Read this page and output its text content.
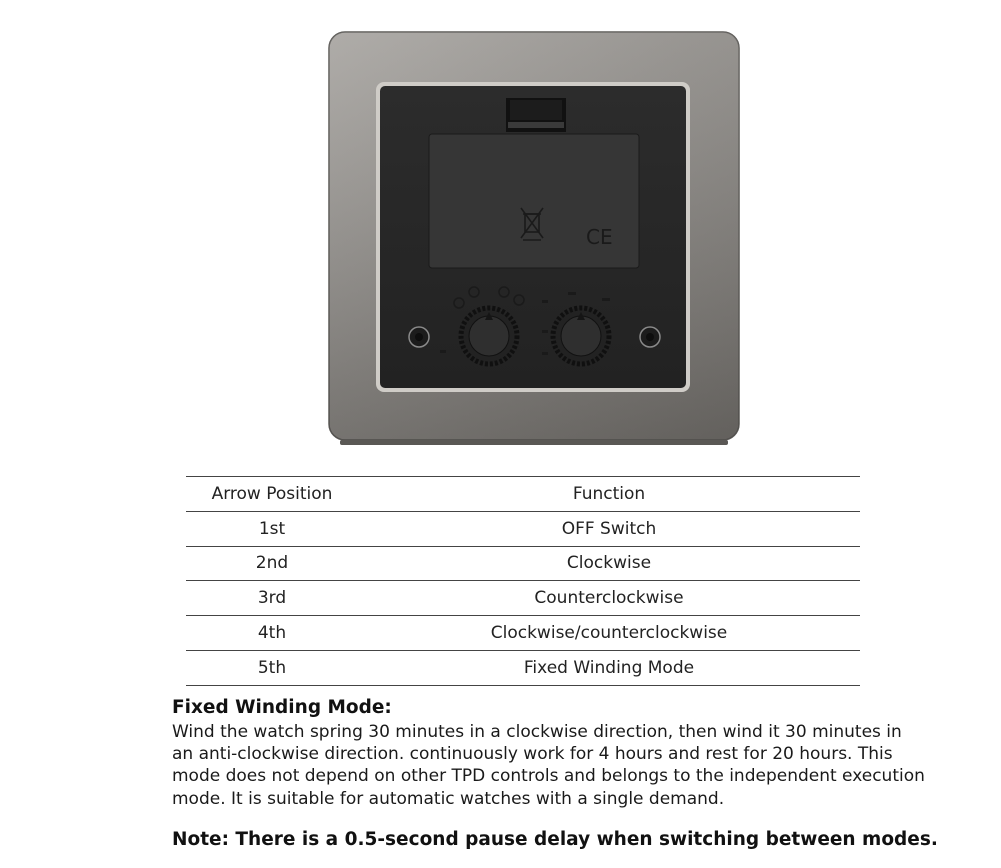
CE
Arrow Position	Function
1st	OFF Switch
2nd	Clockwise
3rd	Counterclockwise
4th	Clockwise/counterclockwise
5th	Fixed Winding Mode
Fixed Winding Mode:

Wind the watch spring 30 minutes in a clockwise direction, then wind it 30 minutes in
an anti-clockwise direction. continuously work for 4 hours and rest for 20 hours. This
mode does not depend on other TPD controls and belongs to the independent execution
mode. It is suitable for automatic watches with a single demand.

Note: There is a 0.5-second pause delay when switching between modes.
